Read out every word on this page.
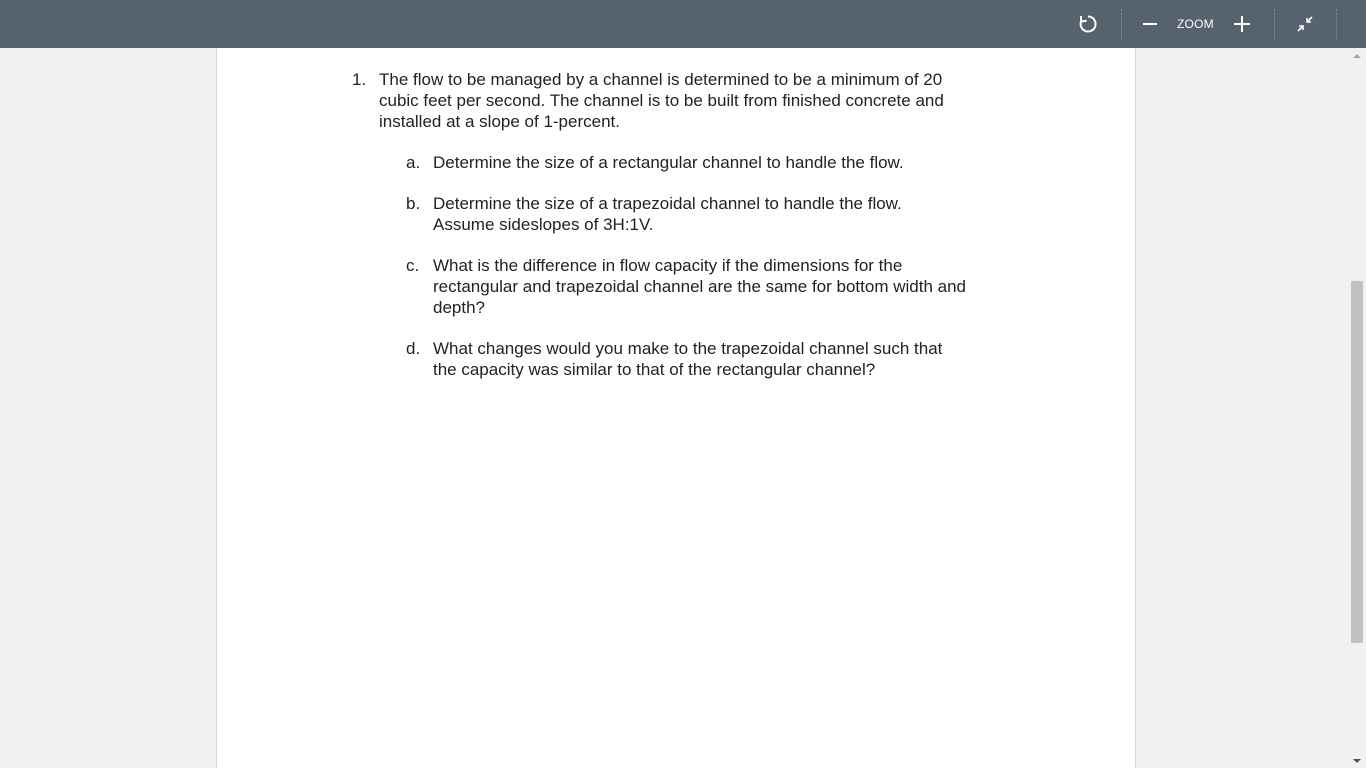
ZOOM
1. The flow to be managed by a channel is determined to be a minimum of 20
cubic feet per second. The channel is to be built from finished concrete and
installed at a slope of 1-percent.
a. Determine the size of a rectangular channel to handle the flow.
b. Determine the size of a trapezoidal channel to handle the flow.
Assume sideslopes of 3H:1V.
c. What is the difference in flow capacity if the dimensions for the
rectangular and trapezoidal channel are the same for bottom width and
depth?
d. What changes would you make to the trapezoidal channel such that
the capacity was similar to that of the rectangular channel?
